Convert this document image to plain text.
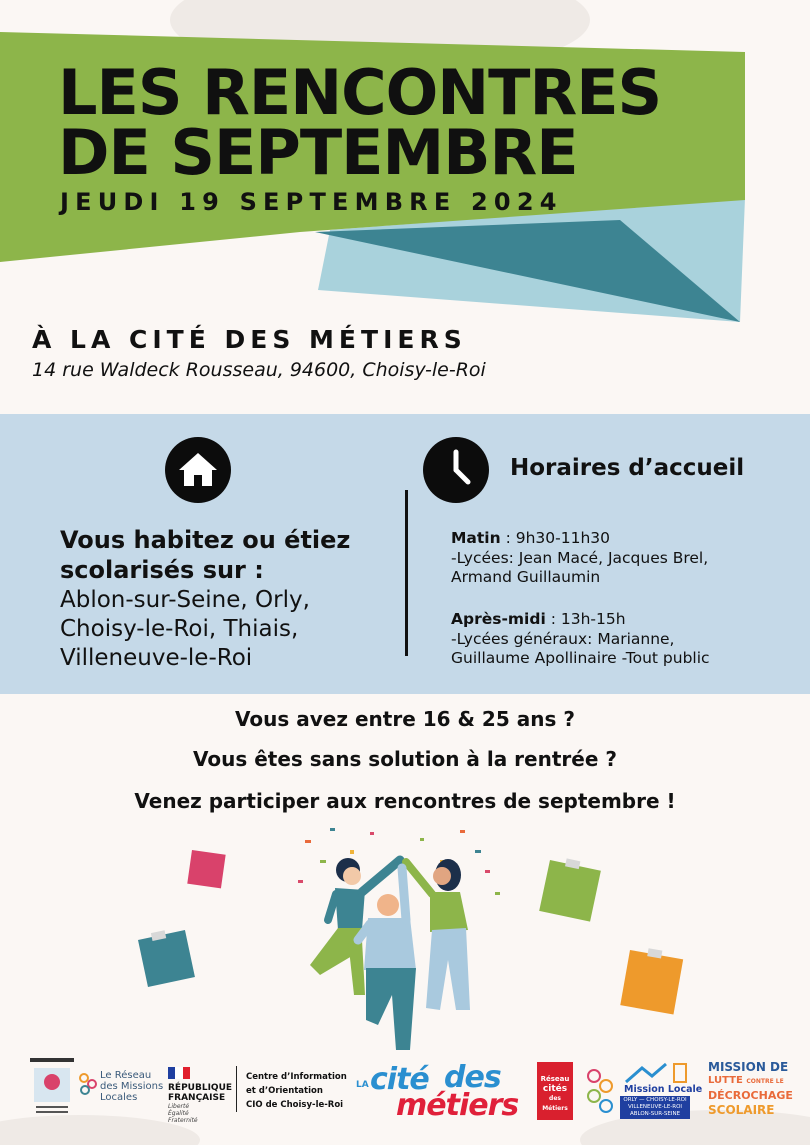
LES RENCONTRES
DE SEPTEMBRE
JEUDI 19 SEPTEMBRE 2024
À LA CITÉ DES MÉTIERS
14 rue Waldeck Rousseau, 94600, Choisy-le-Roi
Vous habitez ou étiez
scolarisés sur :
Ablon-sur-Seine, Orly,
Choisy-le-Roi, Thiais,
Villeneuve-le-Roi
Horaires d’accueil
Matin : 9h30-11h30
-Lycées: Jean Macé, Jacques Brel,
Armand Guillaumin
Après-midi : 13h-15h
-Lycées généraux: Marianne,
Guillaume Apollinaire -Tout public
Vous avez entre 16 & 25 ans ?
Vous êtes sans solution à la rentrée ?
Venez participer aux rencontres de septembre !
Le Réseau
des Missions
Locales
RÉPUBLIQUE
FRANÇAISE
Liberté
Égalité
Fraternité
Centre d’Information
et d’Orientation
CIO de Choisy-le-Roi
LA cité des
métiers
Réseau
cités
des Métiers
Mission Locale
ORLY — CHOISY-LE-ROI
VILLENEUVE-LE-ROI
ABLON-SUR-SEINE
MISSION DE
LUTTE CONTRE LE
DÉCROCHAGE
SCOLAIRE
